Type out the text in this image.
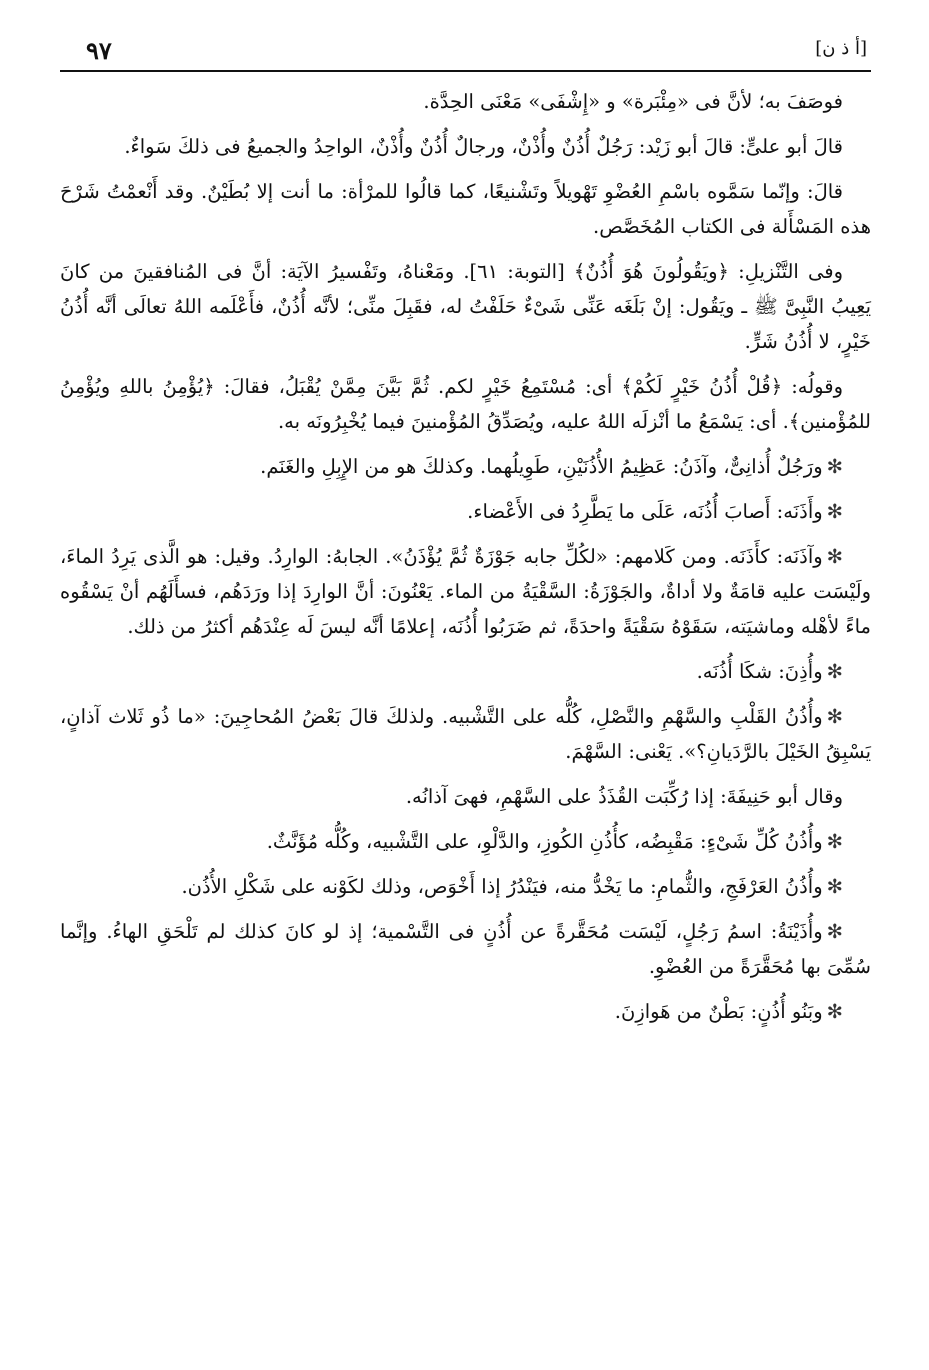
٩٧	[أ ذ ن]

فوصَفَ به؛ لأنَّ فى «مِئْبَرة» و «إِشْفَى» مَعْنَى الحِدَّة.

قالَ أبو علىٍّ: قالَ أبو زَيْد: رَجُلٌ أُذُنٌ وأُذْنٌ، ورجالٌ أُذُنٌ وأُذْنٌ، الواحِدُ والجميعُ فى ذلكَ سَواءٌ.

قالَ: وإنّما سَمَّوه باسْمِ العُضْوِ تَهْويلاً وتَشْنيعًا، كما قالُوا للمرْأة: ما أنت إلا بُطَيْنٌ. وقد أَنْعمْتُ شَرْحَ هذه المَسْأَلة فى الكتاب المُخَصَّص.

وفى التَّنْزيلِ: ﴿ويَقُولُونَ هُوَ أُذُنٌ﴾ [التوبة: ٦١]. ومَعْناهُ، وتَفْسيرُ الآيَة: أنَّ فى المُنافقينَ من كانَ يَعِيبُ النَّبِىَّ ﷺ ـ ويَقُول: إنْ بَلَغَه عَنِّى شَىْءٌ حَلَفْتُ له، فقَبِلَ منِّى؛ لأنَّه أُذُنٌ، فأَعْلَمه اللهُ تعالَى أنَّه أُذُنُ خَيْرٍ، لا أُذُنُ شَرٍّ.

وقولُه: ﴿قُلْ أُذُنُ خَيْرٍ لَكُمْ﴾ أى: مُسْتَمِعُ خَيْرٍ لكم. ثُمَّ بَيَّنَ مِمَّنْ يُقْبَلُ، فقالَ: ﴿يُؤْمِنُ باللهِ ويُؤْمِنُ للمُؤْمنين﴾. أى: يَسْمَعُ ما أنْزلَه اللهُ عليه، ويُصَدِّقُ المُؤْمنينَ فيما يُخْبِرُونَه به.

✻ورَجُلٌ أُذانِىٌّ، وآذَنُ: عَظِيمُ الأُذُنَيْنِ، طَوِيلُهما. وكذلكَ هو من الإِبِلِ والغَنَم.

✻وأَذَنَه: أَصابَ أُذُنَه، عَلَى ما يَطَّرِدُ فى الأَعْضاء.

✻وآذَنَه: كأَذَنَه. ومن كَلامهم: «لكُلِّ جابه جَوْزَةٌ ثُمَّ يُؤْذَنُ». الجابهُ: الوارِدُ. وقيل: هو الَّذى يَرِدُ الماءَ، ولَيْسَت عليه قامَةٌ ولا أداةٌ، والجَوْزَةُ: السَّقْيَةُ من الماء. يَعْنُونَ: أنَّ الوارِدَ إذا ورَدَهُم، فسأَلَهُم أنْ يَسْقُوه ماءً لأهْله وماشيَته، سَقَوْهُ سَقْيَةً واحدَةً، ثم ضَرَبُوا أُذُنَه، إعلامًا أنَّه ليسَ لَه عِنْدَهُم أكثرُ من ذلك.

✻وأُذِنَ: شكَا أُذُنَه.

✻وأُذُنُ القَلْبِ والسَّهْمِ والنَّصْلِ، كُلُّه على التَّشْبيه. ولذلكَ قالَ بَعْضُ المُحاجِينَ: «ما ذُو ثَلاث آذانٍ، يَسْبِقُ الخَيْلَ بالرَّدَيانِ؟». يَعْنى: السَّهْمَ.

وقال أبو حَنِيفَةَ: إذا رُكِّبَت القُذَذُ على السَّهْمِ، فهىَ آذانُه.

✻وأُذُنُ كُلِّ شَىْءٍ: مَقْبِضُه، كأُذُنِ الكُوزِ، والدَّلْوِ، على التَّشْبيه، وكُلُّه مُؤَنَّثٌ.

✻وأُذُنُ العَرْفَجِ، والثُّمامِ: ما يَخْدُّ منه، فيَنْدُرُ إذا أَخْوَص، وذلك لكَوْنه على شَكْلِ الأُذُن.

✻وأُذَيْنَةُ: اسمُ رَجُلٍ، لَيْسَت مُحَقَّرةً عن أُذُنٍ فى التَّسْمية؛ إذ لو كانَ كذلك لم تَلْحَقِ الهاءُ. وإنَّما سُمِّىَ بها مُحَقَّرَةً من العُضْوِ.

✻وبَنُو أُذُنٍ: بَطْنٌ من هَوازِنَ.
